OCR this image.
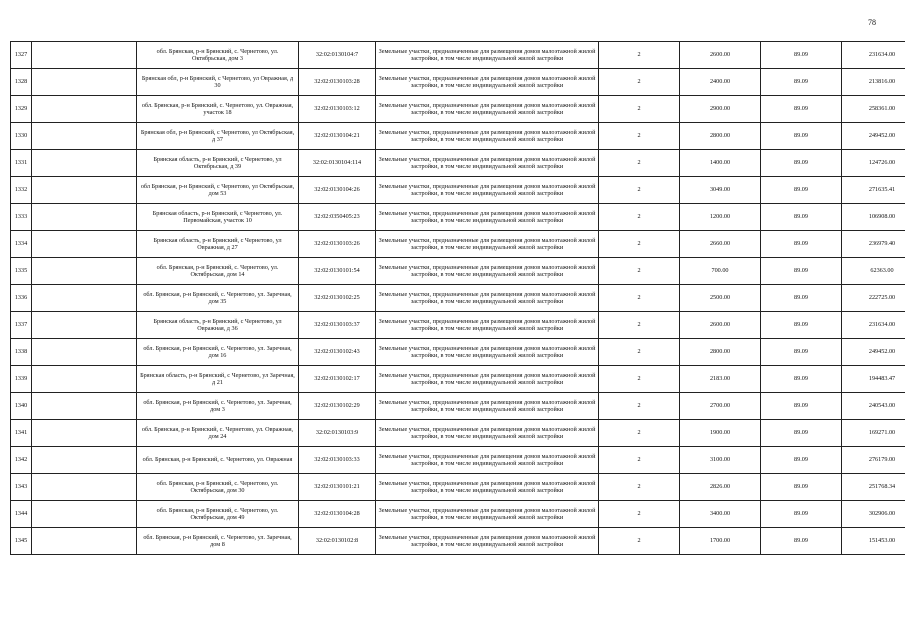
78
1327		обл. Брянская, р-н Брянский, с. Чернетово, ул. Октябрьская, дом 3	32:02:0130104:7	Земельные участки, предназначенные для размещения домов малоэтажной жилой застройки, в том числе индивидуальной жилой застройки	2	2600.00	89.09	231634.00
1328		Брянская обл, р-н Брянский, с Чернетово, ул Овражная, д 30	32:02:0130103:28	Земельные участки, предназначенные для размещения домов малоэтажной жилой застройки, в том числе индивидуальной жилой застройки	2	2400.00	89.09	213816.00
1329		обл. Брянская, р-н Брянский, с. Чернетово, ул. Овражная, участок 18	32:02:0130103:12	Земельные участки, предназначенные для размещения домов малоэтажной жилой застройки, в том числе индивидуальной жилой застройки	2	2900.00	89.09	258361.00
1330		Брянская обл, р-н Брянский, с Чернетово, ул Октябрьская, д 37	32:02:0130104:21	Земельные участки, предназначенные для размещения домов малоэтажной жилой застройки, в том числе индивидуальной жилой застройки	2	2800.00	89.09	249452.00
1331		Брянская область, р-н Брянский, с Чернетово, ул Октябрьская, д 39	32:02:0130104:114	Земельные участки, предназначенные для размещения домов малоэтажной жилой застройки, в том числе индивидуальной жилой застройки	2	1400.00	89.09	124726.00
1332		обл Брянская, р-н Брянский, с Чернетово, ул Октябрьская, дом 53	32:02:0130104:26	Земельные участки, предназначенные для размещения домов малоэтажной жилой застройки, в том числе индивидуальной жилой застройки	2	3049.00	89.09	271635.41
1333		Брянская область, р-н Брянский, с Чернетово, ул. Первомайская, участок 10	32:02:0350405:23	Земельные участки, предназначенные для размещения домов малоэтажной жилой застройки, в том числе индивидуальной жилой застройки	2	1200.00	89.09	106908.00
1334		Брянская область, р-н Брянский, с Чернетово, ул Овражная, д 27	32:02:0130103:26	Земельные участки, предназначенные для размещения домов малоэтажной жилой застройки, в том числе индивидуальной жилой застройки	2	2660.00	89.09	236979.40
1335		обл. Брянская, р-н Брянский, с. Чернетово, ул. Октябрьская, дом 14	32:02:0130101:54	Земельные участки, предназначенные для размещения домов малоэтажной жилой застройки, в том числе индивидуальной жилой застройки	2	700.00	89.09	62363.00
1336		обл. Брянская, р-н Брянский, с. Чернетово, ул. Заречная, дом 35	32:02:0130102:25	Земельные участки, предназначенные для размещения домов малоэтажной жилой застройки, в том числе индивидуальной жилой застройки	2	2500.00	89.09	222725.00
1337		Брянская область, р-н Брянский, с Чернетово, ул Овражная, д 36	32:02:0130103:37	Земельные участки, предназначенные для размещения домов малоэтажной жилой застройки, в том числе индивидуальной жилой застройки	2	2600.00	89.09	231634.00
1338		обл. Брянская, р-н Брянский, с. Чернетово, ул. Заречная, дом 16	32:02:0130102:43	Земельные участки, предназначенные для размещения домов малоэтажной жилой застройки, в том числе индивидуальной жилой застройки	2	2800.00	89.09	249452.00
1339		Брянская область, р-н Брянский, с Чернетово, ул Заречная, д 21	32:02:0130102:17	Земельные участки, предназначенные для размещения домов малоэтажной жилой застройки, в том числе индивидуальной жилой застройки	2	2183.00	89.09	194483.47
1340		обл. Брянская, р-н Брянский, с. Чернетово, ул. Заречная, дом 3	32:02:0130102:29	Земельные участки, предназначенные для размещения домов малоэтажной жилой застройки, в том числе индивидуальной жилой застройки	2	2700.00	89.09	240543.00
1341		обл. Брянская, р-н Брянский, с. Чернетово, ул. Овражная, дом 24	32:02:0130103:9	Земельные участки, предназначенные для размещения домов малоэтажной жилой застройки, в том числе индивидуальной жилой застройки	2	1900.00	89.09	169271.00
1342		обл. Брянская, р-н Брянский, с. Чернетово, ул. Овражная	32:02:0130103:33	Земельные участки, предназначенные для размещения домов малоэтажной жилой застройки, в том числе индивидуальной жилой застройки	2	3100.00	89.09	276179.00
1343		обл. Брянская, р-н Брянский, с. Чернетово, ул. Октябрьская, дом 30	32:02:0130101:21	Земельные участки, предназначенные для размещения домов малоэтажной жилой застройки, в том числе индивидуальной жилой застройки	2	2826.00	89.09	251768.34
1344		обл. Брянская, р-н Брянский, с. Чернетово, ул. Октябрьская, дом 49	32:02:0130104:28	Земельные участки, предназначенные для размещения домов малоэтажной жилой застройки, в том числе индивидуальной жилой застройки	2	3400.00	89.09	302906.00
1345		обл. Брянская, р-н Брянский, с. Чернетово, ул. Заречная, дом 8	32:02:0130102:8	Земельные участки, предназначенные для размещения домов малоэтажной жилой застройки, в том числе индивидуальной жилой застройки	2	1700.00	89.09	151453.00
